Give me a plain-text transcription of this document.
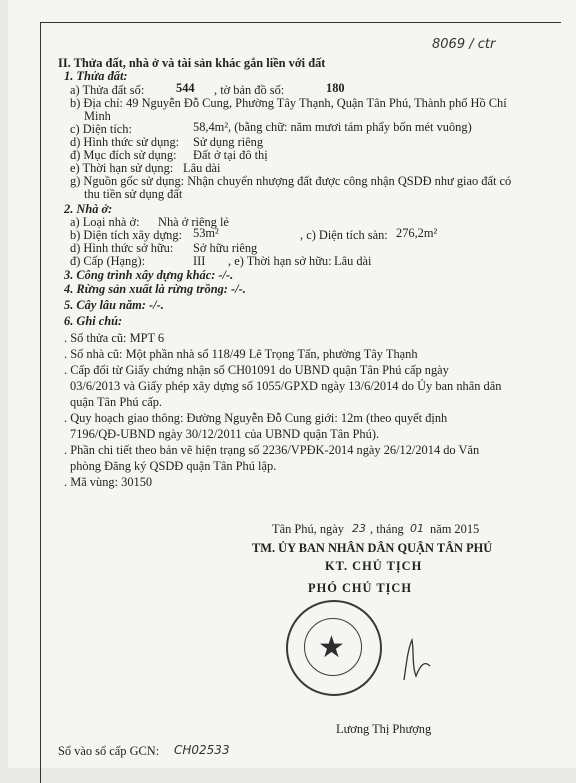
8069 / ctr
II. Thửa đất, nhà ở và tài sản khác gắn liền với đất
1. Thửa đất:
a) Thửa đất số:	544 , tờ bản đồ số:	180
b) Địa chỉ: 49 Nguyễn Đỗ Cung, Phường Tây Thạnh, Quận Tân Phú, Thành phố Hồ Chí
Minh
c) Diện tích:	58,4m², (bằng chữ: năm mươi tám phẩy bốn mét vuông)
d) Hình thức sử dụng: Sử dụng riêng
đ) Mục đích sử dụng: Đất ở tại đô thị
e) Thời hạn sử dụng: Lâu dài
g) Nguồn gốc sử dụng: Nhận chuyển nhượng đất được công nhận QSDĐ như giao đất có
thu tiền sử dụng đất
2. Nhà ở:
a) Loại nhà ở: Nhà ở riêng lẻ
b) Diện tích xây dựng: 53m²	, c) Diện tích sàn: 276,2m²
d) Hình thức sở hữu: Sở hữu riêng
đ) Cấp (Hạng):	III , e) Thời hạn sở hữu: Lâu dài
3. Công trình xây dựng khác: -/-.
4. Rừng sản xuất là rừng trồng: -/-.
5. Cây lâu năm: -/-.
6. Ghi chú:
. Số thửa cũ: MPT 6
. Số nhà cũ: Một phần nhà số 118/49 Lê Trọng Tấn, phường Tây Thạnh
. Cấp đổi từ Giấy chứng nhận số CH01091 do UBND quận Tân Phú cấp ngày
03/6/2013 và Giấy phép xây dựng số 1055/GPXD ngày 13/6/2014 do Ủy ban nhân dân
quận Tân Phú cấp.
. Quy hoạch giao thông: Đường Nguyễn Đỗ Cung giới: 12m (theo quyết định
7196/QĐ-UBND ngày 30/12/2011 của UBND quận Tân Phú).
. Phần chi tiết theo bản vẽ hiện trạng số 2236/VPĐK-2014 ngày 26/12/2014 do Văn
phòng Đăng ký QSDĐ quận Tân Phú lập.
. Mã vùng: 30150
Tân Phú, ngày 23 , tháng 01 năm 2015
TM. ỦY BAN NHÂN DÂN QUẬN TÂN PHÚ
KT. CHỦ TỊCH
PHÓ CHỦ TỊCH
★
Lương Thị Phượng
Số vào sổ cấp GCN: CH02533
